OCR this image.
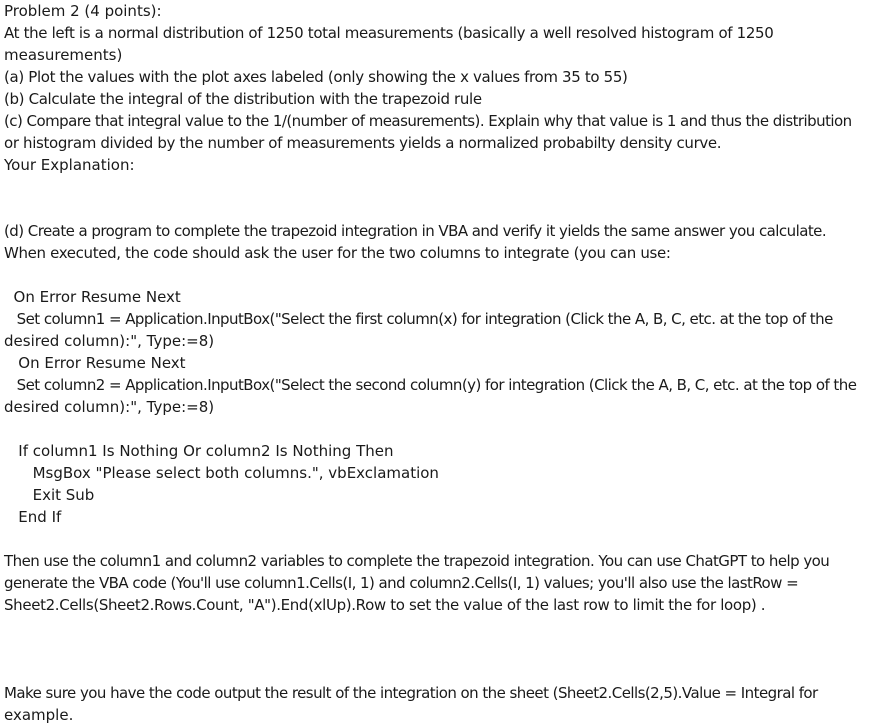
Problem 2 (4 points):
At the left is a normal distribution of 1250 total measurements (basically a well resolved histogram of 1250
measurements)
(a) Plot the values with the plot axes labeled (only showing the x values from 35 to 55)
(b) Calculate the integral of the distribution with the trapezoid rule
(c) Compare that integral value to the 1/(number of measurements). Explain why that value is 1 and thus the distribution
or histogram divided by the number of measurements yields a normalized probabilty density curve.
Your Explanation:
(d) Create a program to complete the trapezoid integration in VBA and verify it yields the same answer you calculate.
When executed, the code should ask the user for the two columns to integrate (you can use:
On Error Resume Next
Set column1 = Application.InputBox("Select the first column(x) for integration (Click the A, B, C, etc. at the top of the
desired column):", Type:=8)
On Error Resume Next
Set column2 = Application.InputBox("Select the second column(y) for integration (Click the A, B, C, etc. at the top of the
desired column):", Type:=8)
If column1 Is Nothing Or column2 Is Nothing Then
MsgBox "Please select both columns.", vbExclamation
Exit Sub
End If
Then use the column1 and column2 variables to complete the trapezoid integration. You can use ChatGPT to help you
generate the VBA code (You'll use column1.Cells(I, 1) and column2.Cells(I, 1) values; you'll also use the lastRow =
Sheet2.Cells(Sheet2.Rows.Count, "A").End(xlUp).Row to set the value of the last row to limit the for loop) .
Make sure you have the code output the result of the integration on the sheet (Sheet2.Cells(2,5).Value = Integral for
example.
